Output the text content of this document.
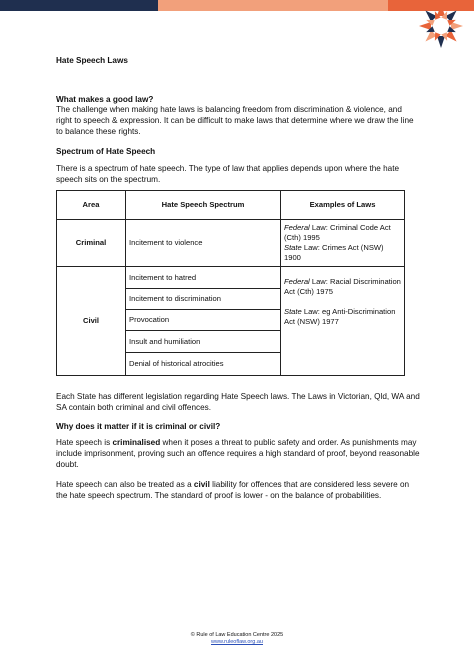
Hate Speech Laws

What makes a good law?

The challenge when making hate laws is balancing freedom from discrimination & violence, and right to speech & expression. It can be difficult to make laws that determine where we draw the line to balance these rights.

Spectrum of Hate Speech

There is a spectrum of hate speech. The type of law that applies depends upon where the hate speech sits on the spectrum.

Area	Hate Speech Spectrum	Examples of Laws
Criminal	Incitement to violence	Federal Law: Criminal Code Act (Cth) 1995
State Law: Crimes Act (NSW) 1900

Civil	Incitement to hatred	Federal Law: Racial Discrimination Act (Cth) 1975
State Law: eg Anti-Discrimination Act (NSW) 1977

	Incitement to discrimination	
	Provocation	
	Insult and humiliation	
	Denial of historical atrocities	

Each State has different legislation regarding Hate Speech laws. The Laws in Victorian, Qld, WA and SA contain both criminal and civil offences.

Why does it matter if it is criminal or civil?

Hate speech is criminalised when it poses a threat to public safety and order. As punishments may include imprisonment, proving such an offence requires a high standard of proof, beyond reasonable doubt.

Hate speech can also be treated as a civil liability for offences that are considered less severe on the hate speech spectrum. The standard of proof is lower - on the balance of probabilities.

© Rule of Law Education Centre 2025
www.ruleoflaw.org.au
